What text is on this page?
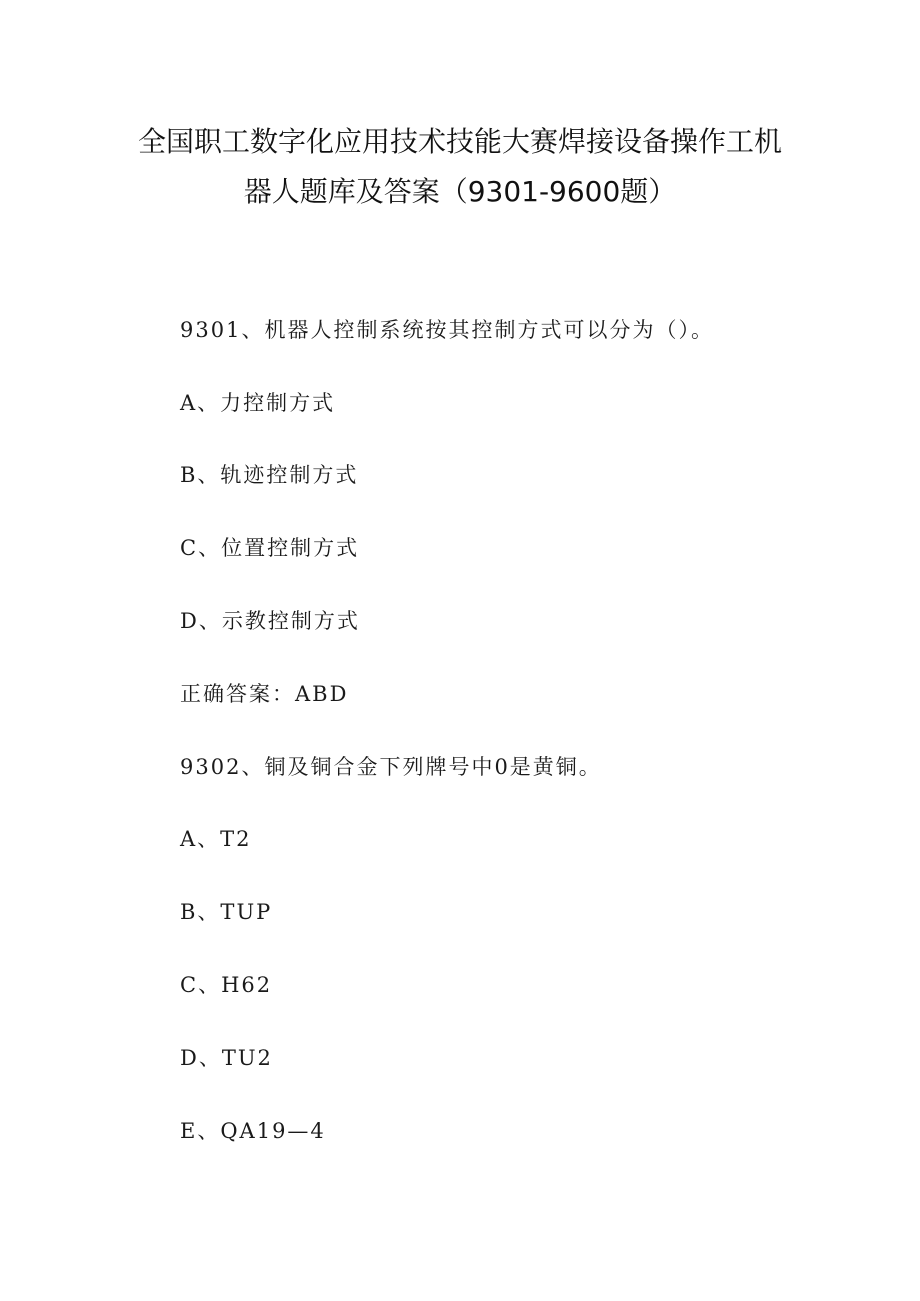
全国职工数字化应用技术技能大赛焊接设备操作工机
器人题库及答案（9301-9600题）
9301、机器人控制系统按其控制方式可以分为（）。
A、力控制方式
B、轨迹控制方式
C、位置控制方式
D、示教控制方式
正确答案：ABD
9302、铜及铜合金下列牌号中0是黄铜。
A、T2
B、TUP
C、H62
D、TU2
E、QA19—4
